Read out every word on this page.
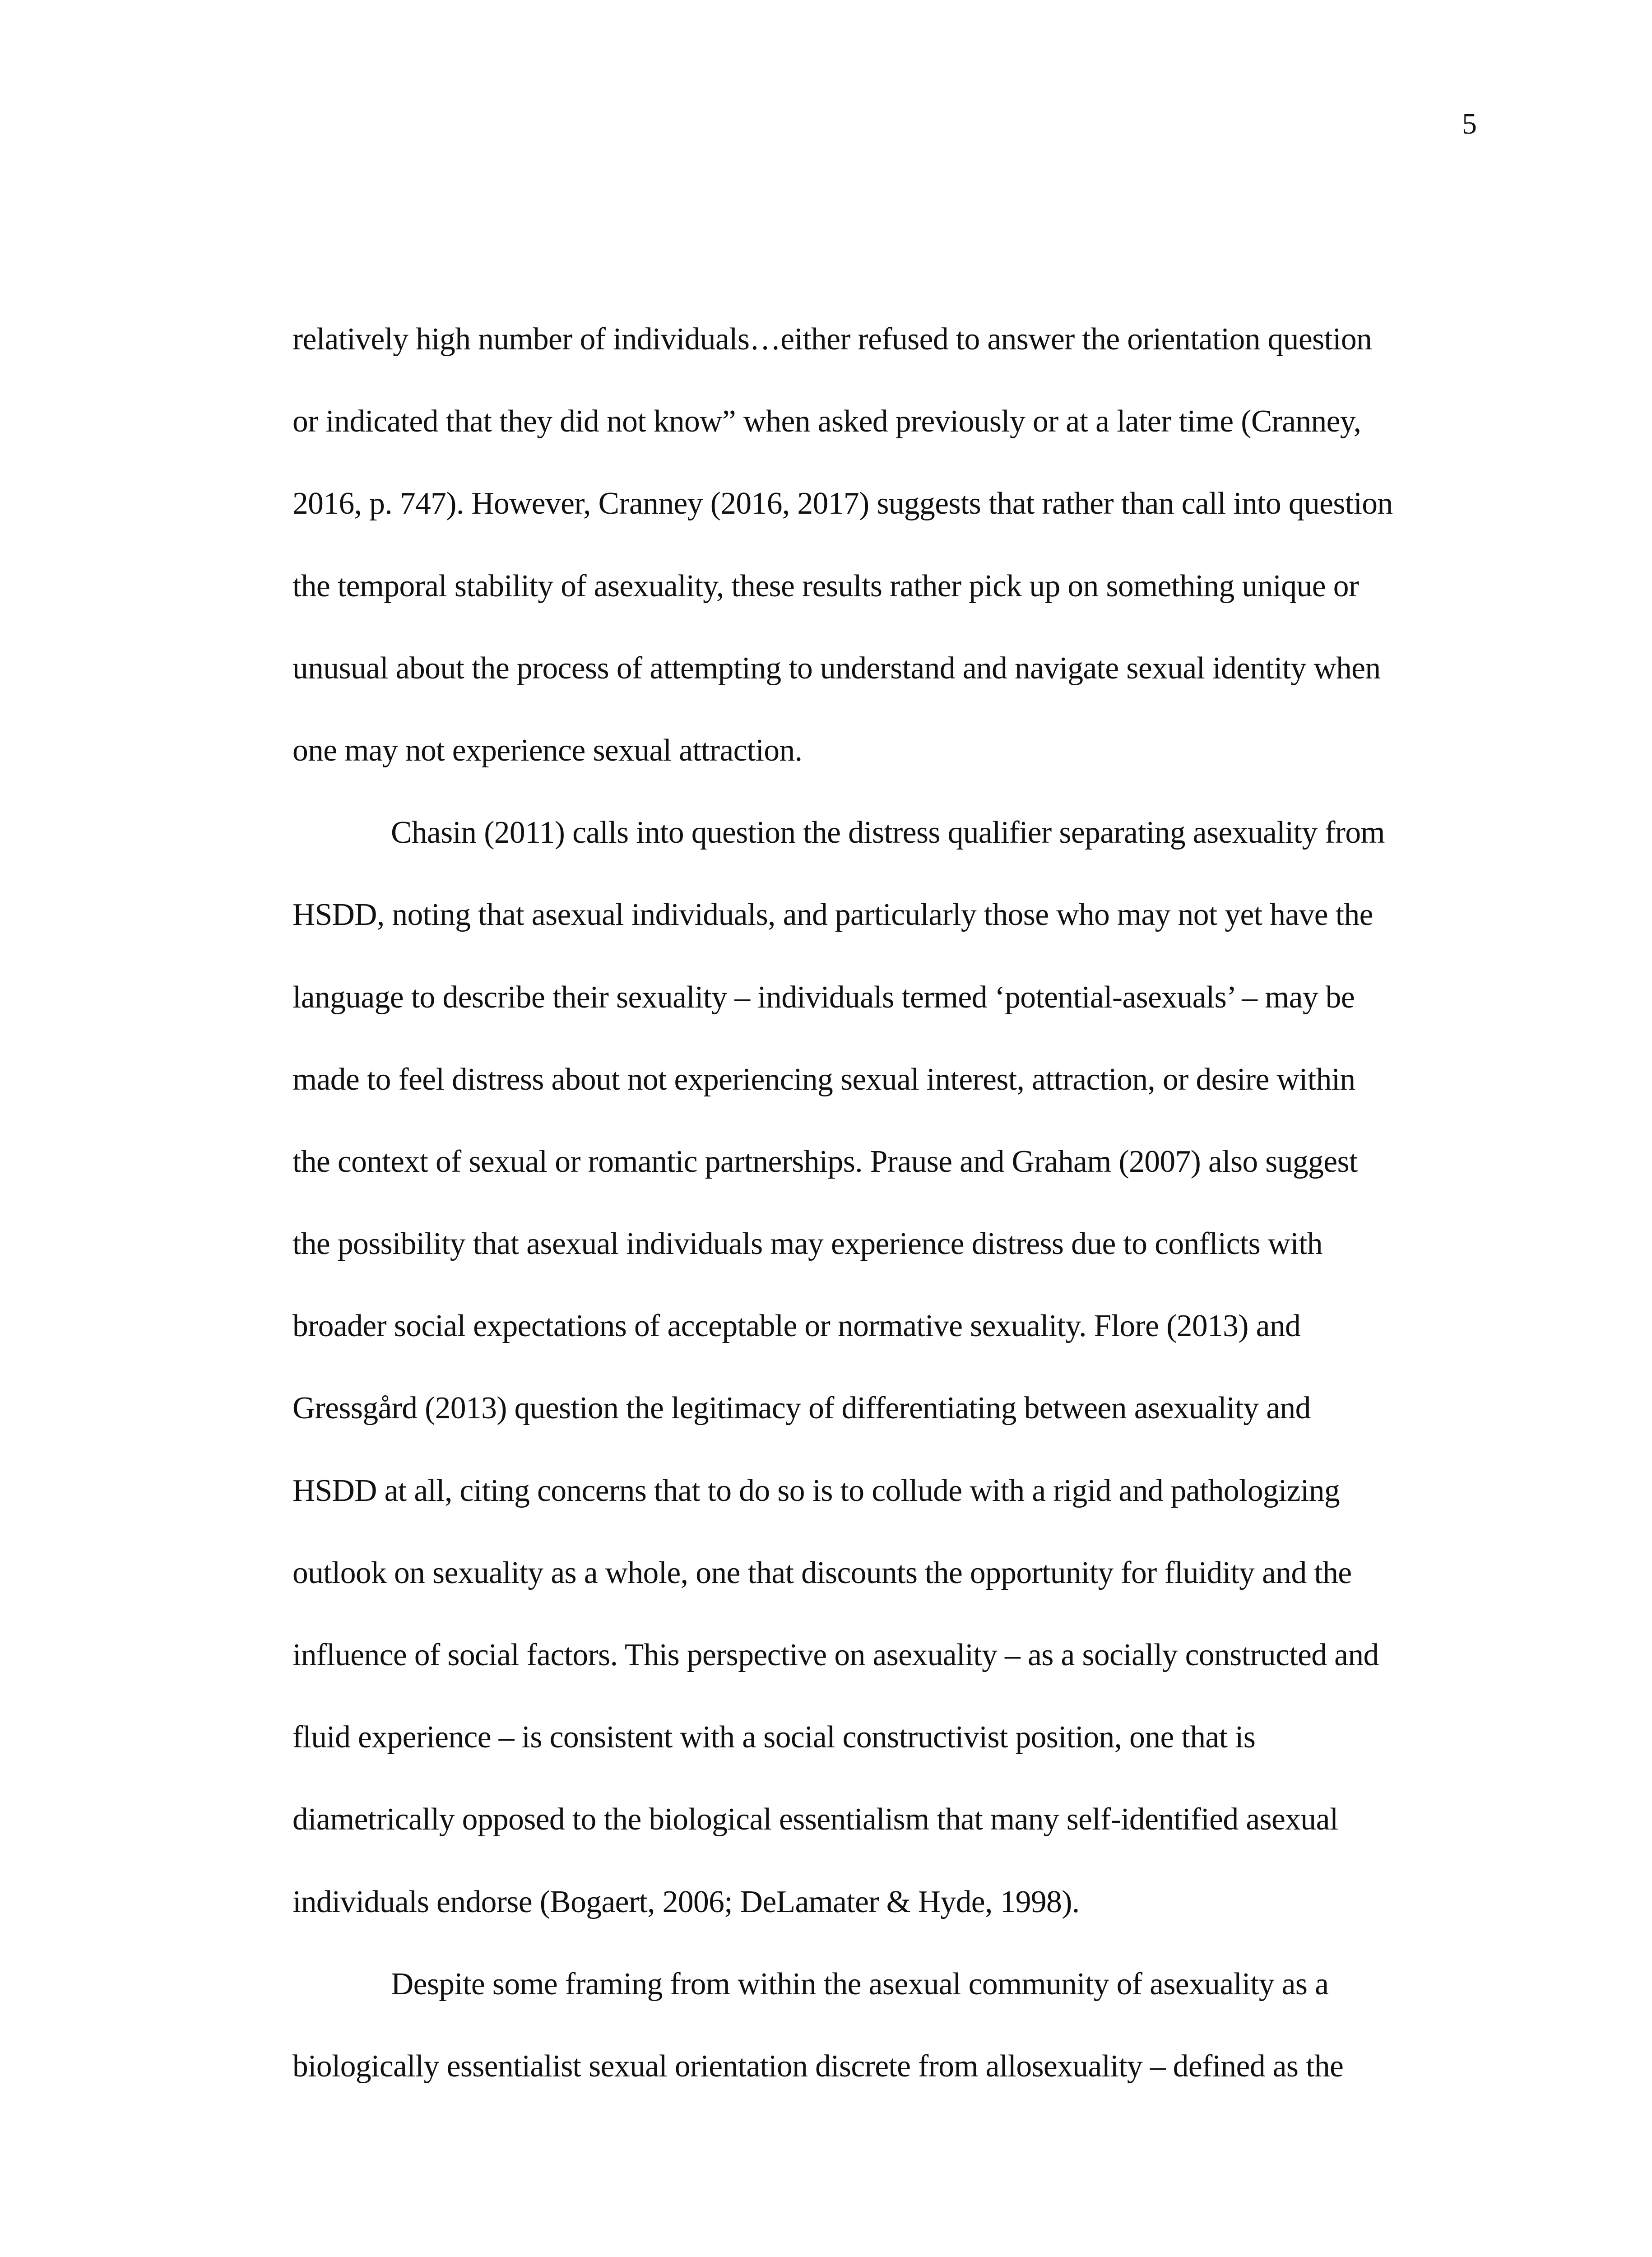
5
relatively high number of individuals…either refused to answer the orientation question
or indicated that they did not know” when asked previously or at a later time (Cranney,
2016, p. 747). However, Cranney (2016, 2017) suggests that rather than call into question
the temporal stability of asexuality, these results rather pick up on something unique or
unusual about the process of attempting to understand and navigate sexual identity when
one may not experience sexual attraction.
Chasin (2011) calls into question the distress qualifier separating asexuality from
HSDD, noting that asexual individuals, and particularly those who may not yet have the
language to describe their sexuality – individuals termed ‘potential-asexuals’ – may be
made to feel distress about not experiencing sexual interest, attraction, or desire within
the context of sexual or romantic partnerships. Prause and Graham (2007) also suggest
the possibility that asexual individuals may experience distress due to conflicts with
broader social expectations of acceptable or normative sexuality. Flore (2013) and
Gressgård (2013) question the legitimacy of differentiating between asexuality and
HSDD at all, citing concerns that to do so is to collude with a rigid and pathologizing
outlook on sexuality as a whole, one that discounts the opportunity for fluidity and the
influence of social factors. This perspective on asexuality – as a socially constructed and
fluid experience – is consistent with a social constructivist position, one that is
diametrically opposed to the biological essentialism that many self-identified asexual
individuals endorse (Bogaert, 2006; DeLamater & Hyde, 1998).
Despite some framing from within the asexual community of asexuality as a
biologically essentialist sexual orientation discrete from allosexuality – defined as the
